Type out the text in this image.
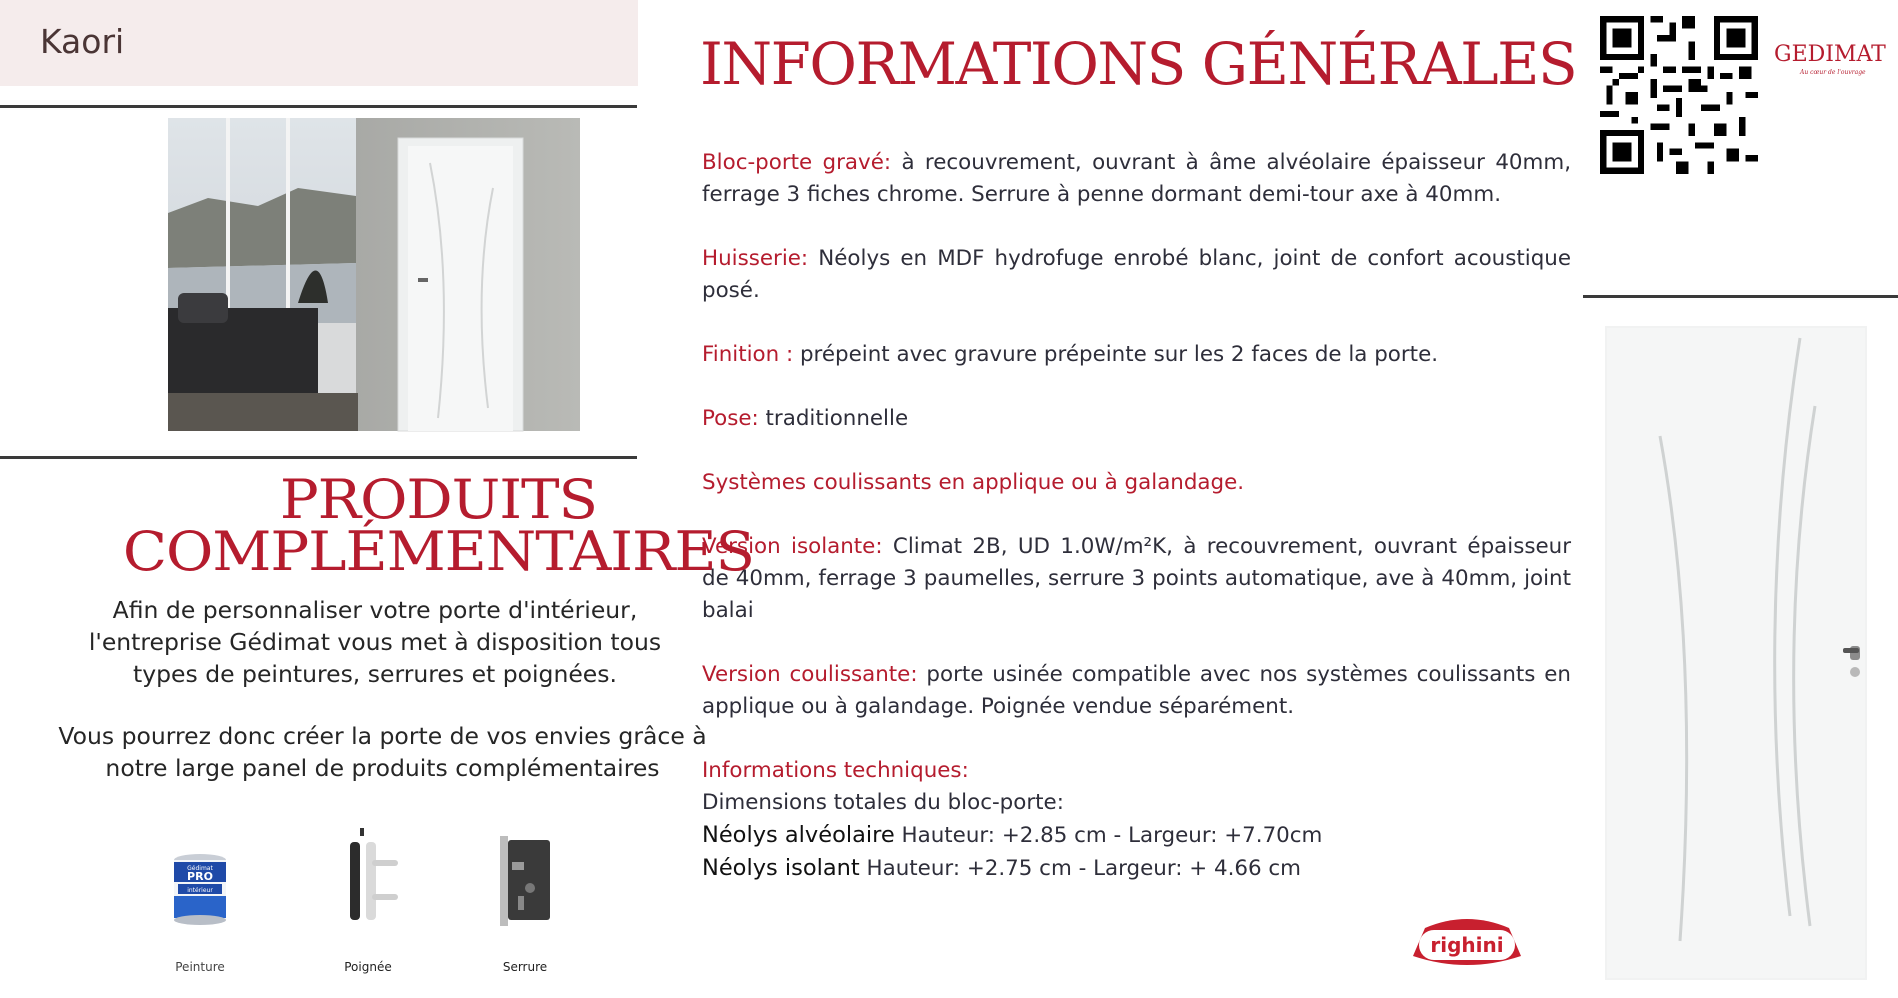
Kaori
PRODUITS
COMPLÉMENTAIRES
Afin de personnaliser votre porte d'intérieur, l'entreprise Gédimat vous met à disposition tous types de peintures, serrures et poignées.
Vous pourrez donc créer la porte de vos envies grâce à notre large panel de produits complémentaires
Gédimat
PRO
intérieur
Peinture	Poignée	Serrure
INFORMATIONS GÉNÉRALES

Bloc-porte gravé: à recouvrement, ouvrant à âme alvéolaire épaisseur 40mm, ferrage 3 fiches chrome. Serrure à penne dormant demi-tour axe à 40mm.

Huisserie: Néolys en MDF hydrofuge enrobé blanc, joint de confort acoustique posé.

Finition : prépeint avec gravure prépeinte sur les 2 faces de la porte.

Pose: traditionnelle

Systèmes coulissants en applique ou à galandage.

Version isolante: Climat 2B, UD 1.0W/m²K, à recouvrement, ouvrant épaisseur de 40mm, ferrage 3 paumelles, serrure 3 points automatique, ave à 40mm, joint balai

Version coulissante: porte usinée compatible avec nos systèmes coulissants en applique ou à galandage. Poignée vendue séparément.

Informations techniques:
Dimensions totales du bloc-porte:
Néolys alvéolaire Hauteur: +2.85 cm - Largeur: +7.70cm
Néolys isolant Hauteur: +2.75 cm - Largeur: + 4.66 cm
GEDIMAT
Au cœur de l'ouvrage
righini
